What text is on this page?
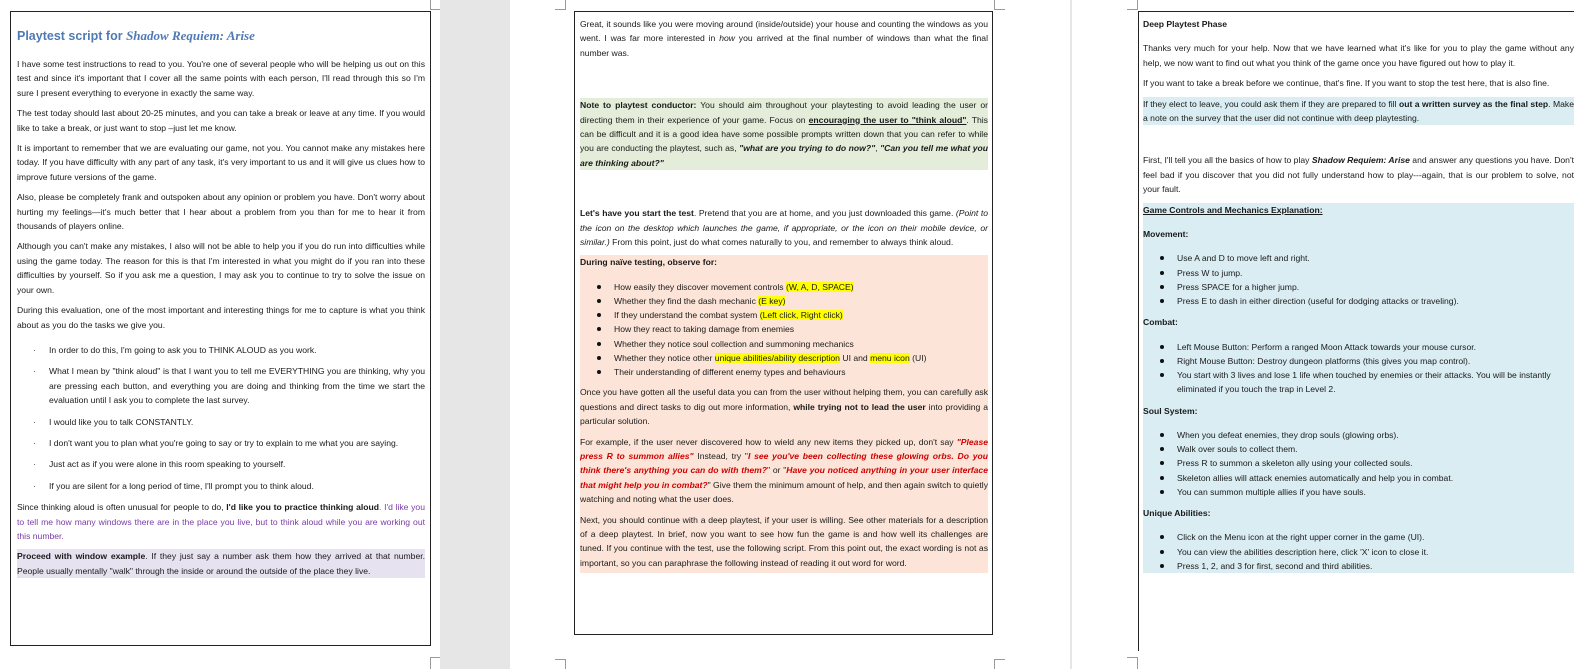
Playtest script for Shadow Requiem: Arise

I have some test instructions to read to you. You're one of several people who will be helping us out on this test and since it's important that I cover all the same points with each person, I'll read through this so I'm sure I present everything to everyone in exactly the same way.

The test today should last about 20-25 minutes, and you can take a break or leave at any time. If you would like to take a break, or just want to stop –just let me know.

It is important to remember that we are evaluating our game, not you. You cannot make any mistakes here today. If you have difficulty with any part of any task, it's very important to us and it will give us clues how to improve future versions of the game.

Also, please be completely frank and outspoken about any opinion or problem you have. Don't worry about hurting my feelings—it's much better that I hear about a problem from you than for me to hear it from thousands of players online.

Although you can't make any mistakes, I also will not be able to help you if you do run into difficulties while using the game today. The reason for this is that I'm interested in what you might do if you ran into these difficulties by yourself. So if you ask me a question, I may ask you to continue to try to solve the issue on your own.

During this evaluation, one of the most important and interesting things for me to capture is what you think about as you do the tasks we give you.

· In order to do this, I'm going to ask you to THINK ALOUD as you work.
· What I mean by "think aloud" is that I want you to tell me EVERYTHING you are thinking, why you are pressing each button, and everything you are doing and thinking from the time we start the evaluation until I ask you to complete the last survey.
· I would like you to talk CONSTANTLY.
· I don't want you to plan what you're going to say or try to explain to me what you are saying.
· Just act as if you were alone in this room speaking to yourself.
· If you are silent for a long period of time, I'll prompt you to think aloud.

Since thinking aloud is often unusual for people to do, I'd like you to practice thinking aloud. I'd like you to tell me how many windows there are in the place you live, but to think aloud while you are working out this number.

Proceed with window example. If they just say a number ask them how they arrived at that number. People usually mentally "walk" through the inside or around the outside of the place they live.

Great, it sounds like you were moving around (inside/outside) your house and counting the windows as you went. I was far more interested in how you arrived at the final number of windows than what the final number was.

Note to playtest conductor: You should aim throughout your playtesting to avoid leading the user or directing them in their experience of your game. Focus on encouraging the user to "think aloud". This can be difficult and it is a good idea have some possible prompts written down that you can refer to while you are conducting the playtest, such as, "what are you trying to do now?", "Can you tell me what you are thinking about?"

Let's have you start the test. Pretend that you are at home, and you just downloaded this game. (Point to the icon on the desktop which launches the game, if appropriate, or the icon on their mobile device, or similar.) From this point, just do what comes naturally to you, and remember to always think aloud.

During naïve testing, observe for:

How easily they discover movement controls (W, A, D, SPACE)
Whether they find the dash mechanic (E key)
If they understand the combat system (Left click, Right click)
How they react to taking damage from enemies
Whether they notice soul collection and summoning mechanics
Whether they notice other unique abilities/ability description UI and menu icon (UI)
Their understanding of different enemy types and behaviours

Once you have gotten all the useful data you can from the user without helping them, you can carefully ask questions and direct tasks to dig out more information, while trying not to lead the user into providing a particular solution.

For example, if the user never discovered how to wield any new items they picked up, don't say "Please press R to summon allies" Instead, try "I see you've been collecting these glowing orbs. Do you think there's anything you can do with them?" or "Have you noticed anything in your user interface that might help you in combat?" Give them the minimum amount of help, and then again switch to quietly watching and noting what the user does.

Next, you should continue with a deep playtest, if your user is willing. See other materials for a description of a deep playtest. In brief, now you want to see how fun the game is and how well its challenges are tuned. If you continue with the test, use the following script. From this point out, the exact wording is not as important, so you can paraphrase the following instead of reading it out word for word.

Deep Playtest Phase

Thanks very much for your help. Now that we have learned what it's like for you to play the game without any help, we now want to find out what you think of the game once you have figured out how to play it.

If you want to take a break before we continue, that's fine. If you want to stop the test here, that is also fine.

If they elect to leave, you could ask them if they are prepared to fill out a written survey as the final step. Make a note on the survey that the user did not continue with deep playtesting.

First, I'll tell you all the basics of how to play Shadow Requiem: Arise and answer any questions you have. Don't feel bad if you discover that you did not fully understand how to play---again, that is our problem to solve, not your fault.

Game Controls and Mechanics Explanation:

Movement:

Use A and D to move left and right.
Press W to jump.
Press SPACE for a higher jump.
Press E to dash in either direction (useful for dodging attacks or traveling).

Combat:

Left Mouse Button: Perform a ranged Moon Attack towards your mouse cursor.
Right Mouse Button: Destroy dungeon platforms (this gives you map control).
You start with 3 lives and lose 1 life when touched by enemies or their attacks. You will be instantly eliminated if you touch the trap in Level 2.

Soul System:

When you defeat enemies, they drop souls (glowing orbs).
Walk over souls to collect them.
Press R to summon a skeleton ally using your collected souls.
Skeleton allies will attack enemies automatically and help you in combat.
You can summon multiple allies if you have souls.

Unique Abilities:

Click on the Menu icon at the right upper corner in the game (UI).
You can view the abilities description here, click 'X' icon to close it.
Press 1, 2, and 3 for first, second and third abilities.
